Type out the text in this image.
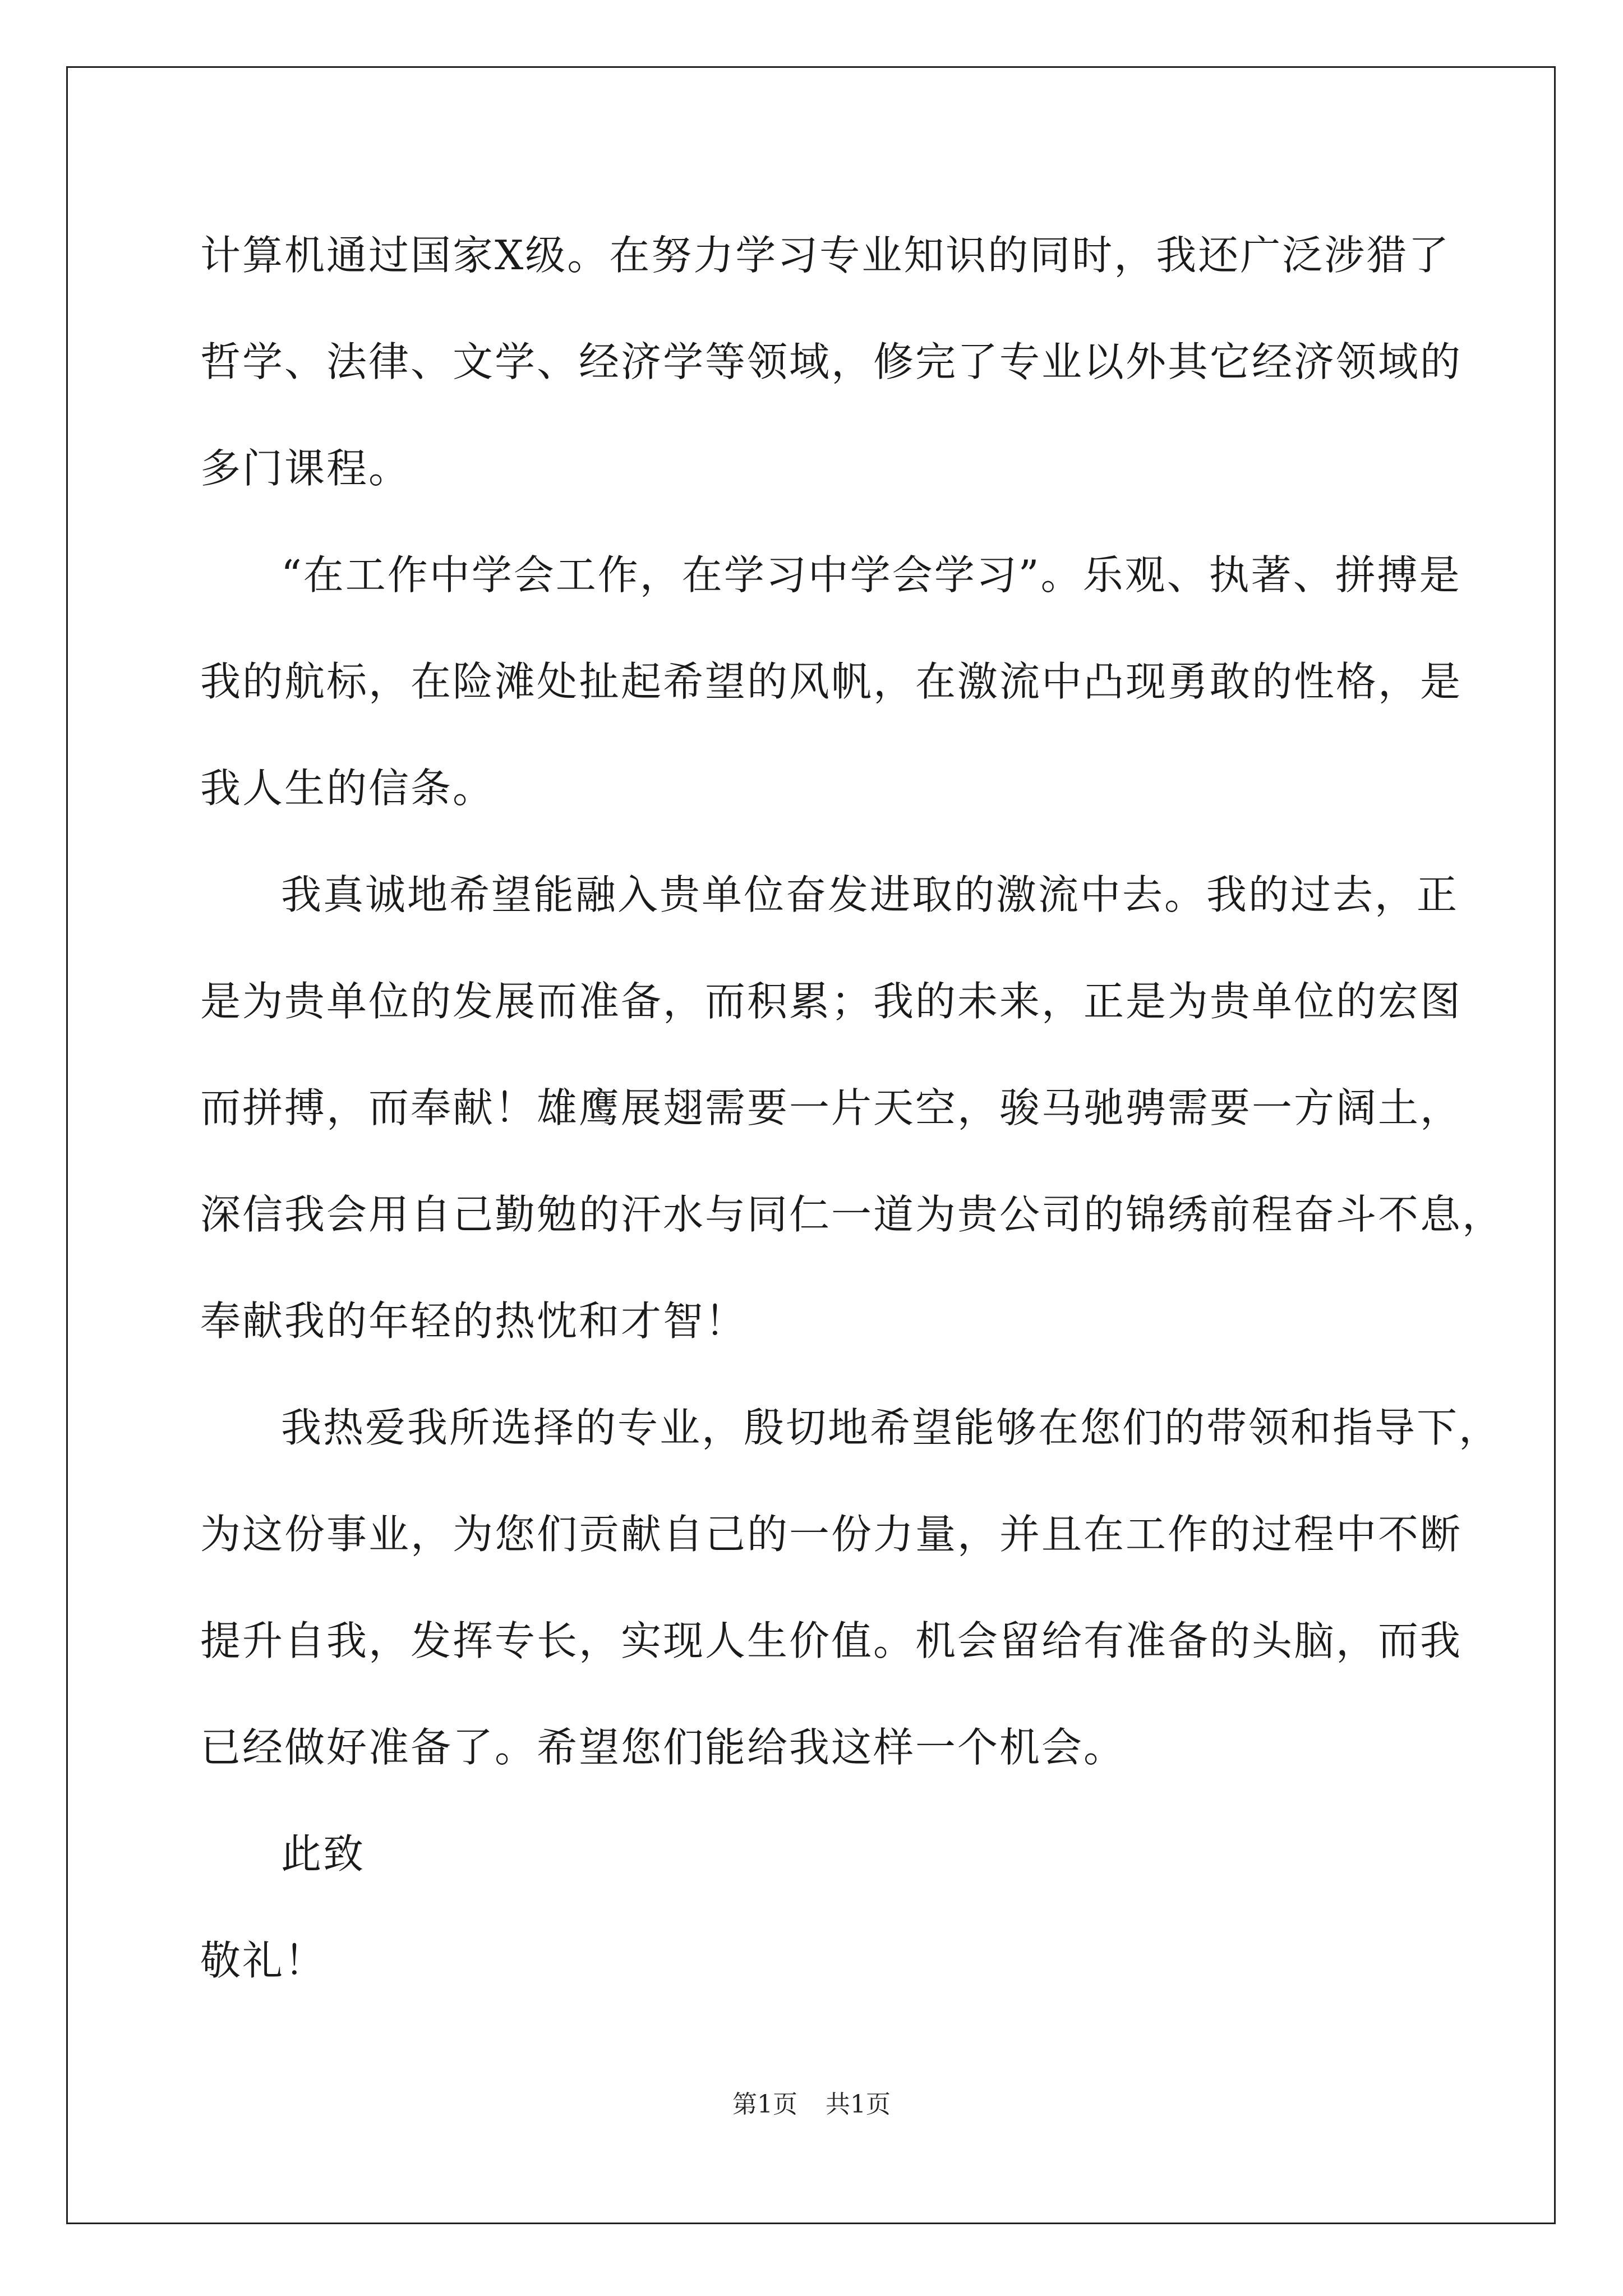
计算机通过国家X级。在努力学习专业知识的同时，我还广泛涉猎了
哲学、法律、文学、经济学等领域，修完了专业以外其它经济领域的
多门课程。
“在工作中学会工作，在学习中学会学习”。乐观、执著、拼搏是
我的航标，在险滩处扯起希望的风帆，在激流中凸现勇敢的性格，是
我人生的信条。
我真诚地希望能融入贵单位奋发进取的激流中去。我的过去，正
是为贵单位的发展而准备，而积累；我的未来，正是为贵单位的宏图
而拼搏，而奉献！雄鹰展翅需要一片天空，骏马驰骋需要一方阔土，
深信我会用自己勤勉的汗水与同仁一道为贵公司的锦绣前程奋斗不息，
奉献我的年轻的热忱和才智！
我热爱我所选择的专业，殷切地希望能够在您们的带领和指导下，
为这份事业，为您们贡献自己的一份力量，并且在工作的过程中不断
提升自我，发挥专长，实现人生价值。机会留给有准备的头脑，而我
已经做好准备了。希望您们能给我这样一个机会。
此致
敬礼！
第1页 共1页
